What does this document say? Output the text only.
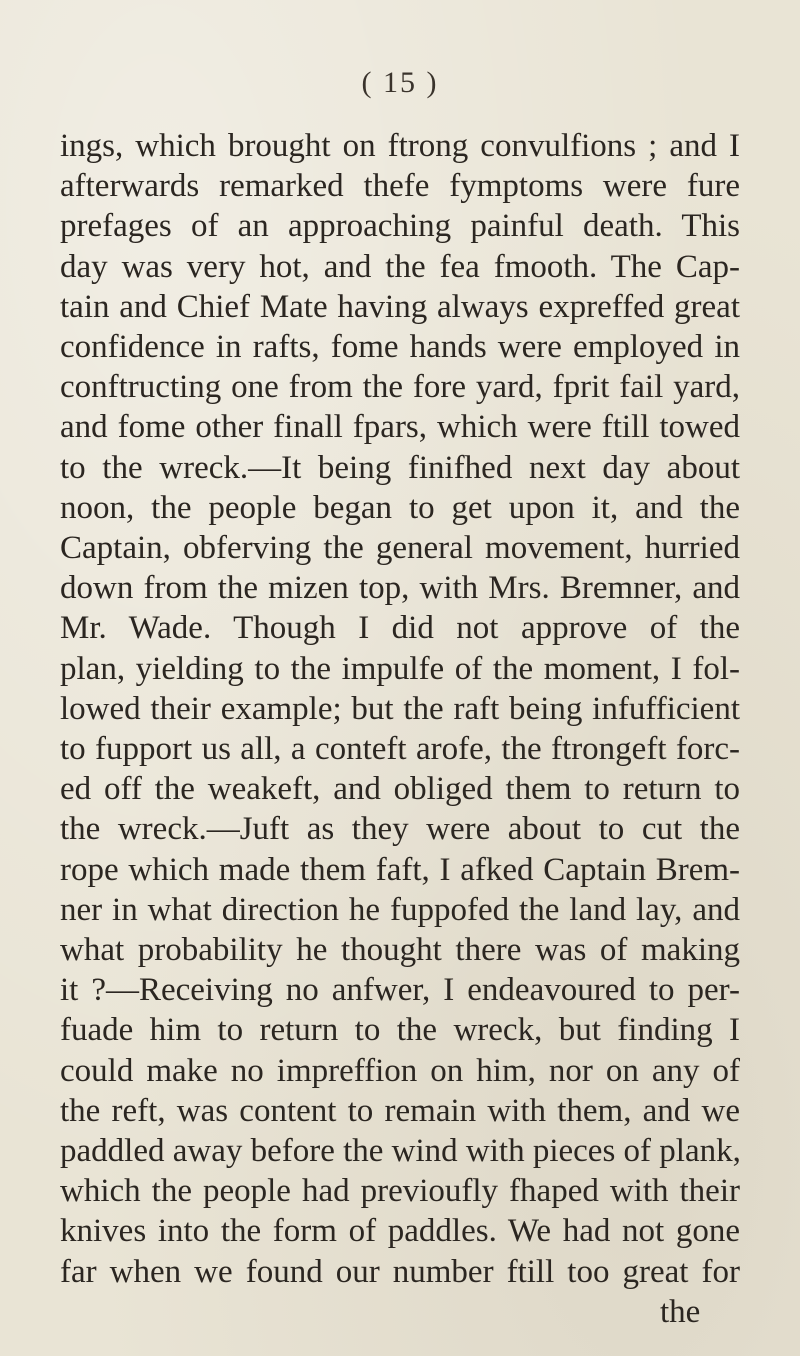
( 15 )
ings, which brought on ftrong convulfions ; and I
afterwards remarked thefe fymptoms were fure
prefages of an approaching painful death. This
day was very hot, and the fea fmooth. The Cap-
tain and Chief Mate having always expreffed great
confidence in rafts, fome hands were employed in
conftructing one from the fore yard, fprit fail yard,
and fome other finall fpars, which were ftill towed
to the wreck.—It being finifhed next day about
noon, the people began to get upon it, and the
Captain, obferving the general movement, hurried
down from the mizen top, with Mrs. Bremner, and
Mr. Wade. Though I did not approve of the
plan, yielding to the impulfe of the moment, I fol-
lowed their example; but the raft being infufficient
to fupport us all, a conteft arofe, the ftrongeft forc-
ed off the weakeft, and obliged them to return to
the wreck.—Juft as they were about to cut the
rope which made them faft, I afked Captain Brem-
ner in what direction he fuppofed the land lay, and
what probability he thought there was of making
it ?—Receiving no anfwer, I endeavoured to per-
fuade him to return to the wreck, but finding I
could make no impreffion on him, nor on any of
the reft, was content to remain with them, and we
paddled away before the wind with pieces of plank,
which the people had previoufly fhaped with their
knives into the form of paddles. We had not gone
far when we found our number ftill too great for
the
